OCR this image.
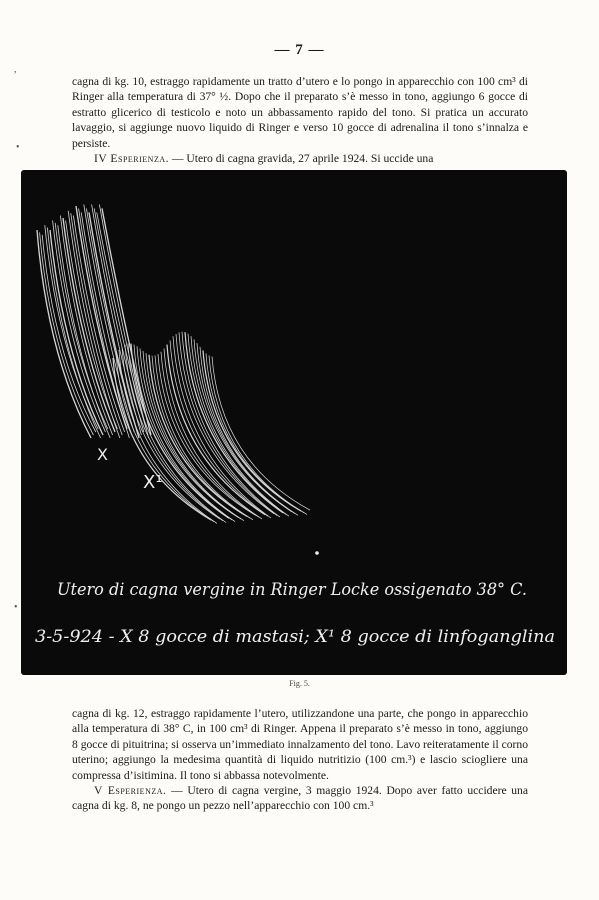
— 7 —

cagna di kg. 10, estraggo rapidamente un tratto d’utero e lo pongo in apparecchio con 100 cm³ di Ringer alla temperatura di 37° ½. Dopo che il preparato s’è messo in tono, aggiungo 6 gocce di estratto glicerico di testicolo e noto un abbassamento rapido del tono. Si pratica un accurato lavaggio, si aggiunge nuovo liquido di Ringer e verso 10 gocce di adrenalina il tono s’innalza e persiste.

IV Esperienza. — Utero di cagna gravida, 27 aprile 1924. Si uccide una

,
•
•
X
X¹
Utero di cagna vergine in Ringer Locke ossigenato 38° C.
3-5-924 - X 8 gocce di mastasi; X¹ 8 gocce di linfoganglina
Fig. 5.

cagna di kg. 12, estraggo rapidamente l’utero, utilizzandone una parte, che pongo in apparecchio alla temperatura di 38° C, in 100 cm³ di Ringer. Appena il preparato s’è messo in tono, aggiungo 8 gocce di pituitrina; si osserva un’immediato innalzamento del tono. Lavo reiteratamente il corno uterino; aggiungo la medesima quantità di liquido nutritizio (100 cm.³) e lascio sciogliere una compressa d’isitimina. Il tono si abbassa notevolmente.

V Esperienza. — Utero di cagna vergine, 3 maggio 1924. Dopo aver fatto uccidere una cagna di kg. 8, ne pongo un pezzo nell’apparecchio con 100 cm.³
